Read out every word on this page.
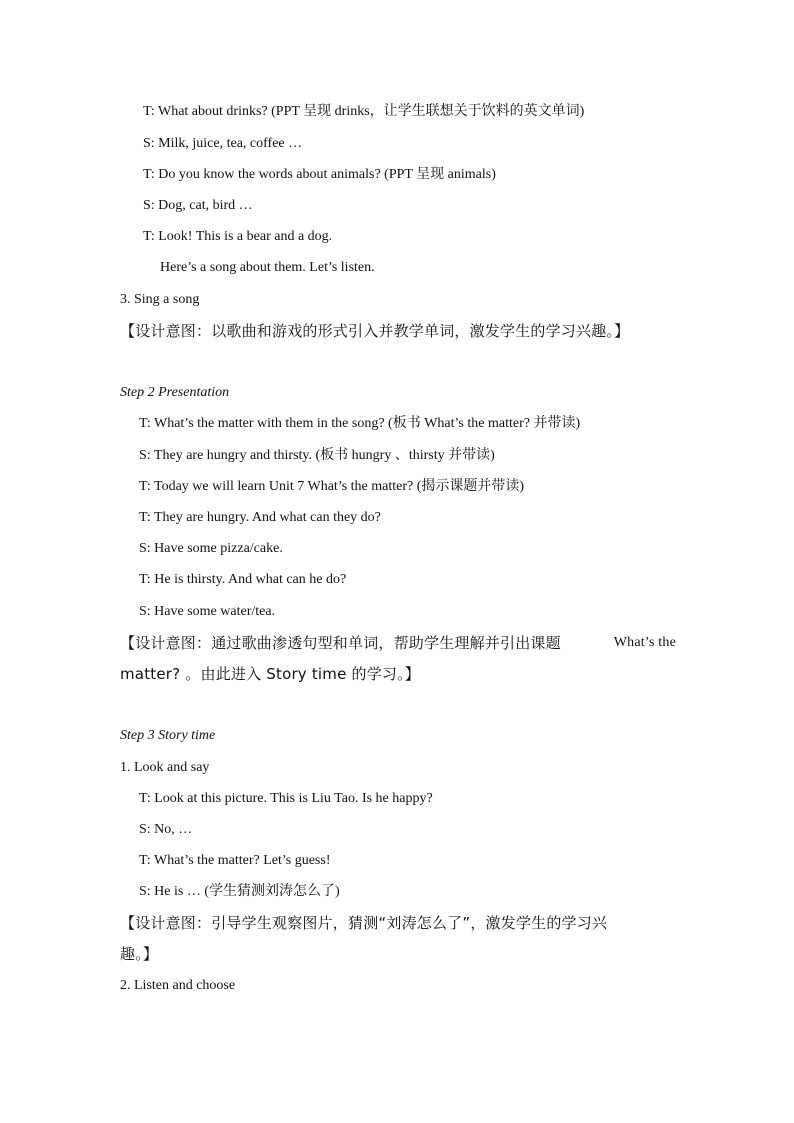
T: What about drinks? (PPT 呈现 drinks，让学生联想关于饮料的英文单词)
S: Milk, juice, tea, coffee …
T: Do you know the words about animals? (PPT 呈现 animals)
S: Dog, cat, bird …
T: Look! This is a bear and a dog.
Here’s a song about them. Let’s listen.
3. Sing a song
【设计意图：以歌曲和游戏的形式引入并教学单词，激发学生的学习兴趣。】
Step 2 Presentation
T: What’s the matter with them in the song? (板书 What’s the matter? 并带读)
S: They are hungry and thirsty. (板书 hungry 、thirsty 并带读)
T: Today we will learn Unit 7 What’s the matter? (揭示课题并带读)
T: They are hungry. And what can they do?
S: Have some pizza/cake.
T: He is thirsty. And what can he do?
S: Have some water/tea.
【设计意图：通过歌曲渗透句型和单词，帮助学生理解并引出课题	What’s the
matter? 。由此进入 Story time 的学习。】
Step 3 Story time
1. Look and say
T: Look at this picture. This is Liu Tao. Is he happy?
S: No, …
T: What’s the matter? Let’s guess!
S: He is … (学生猜测刘涛怎么了)
【设计意图：引导学生观察图片，猜测“刘涛怎么了”，激发学生的学习兴
趣。】
2. Listen and choose
